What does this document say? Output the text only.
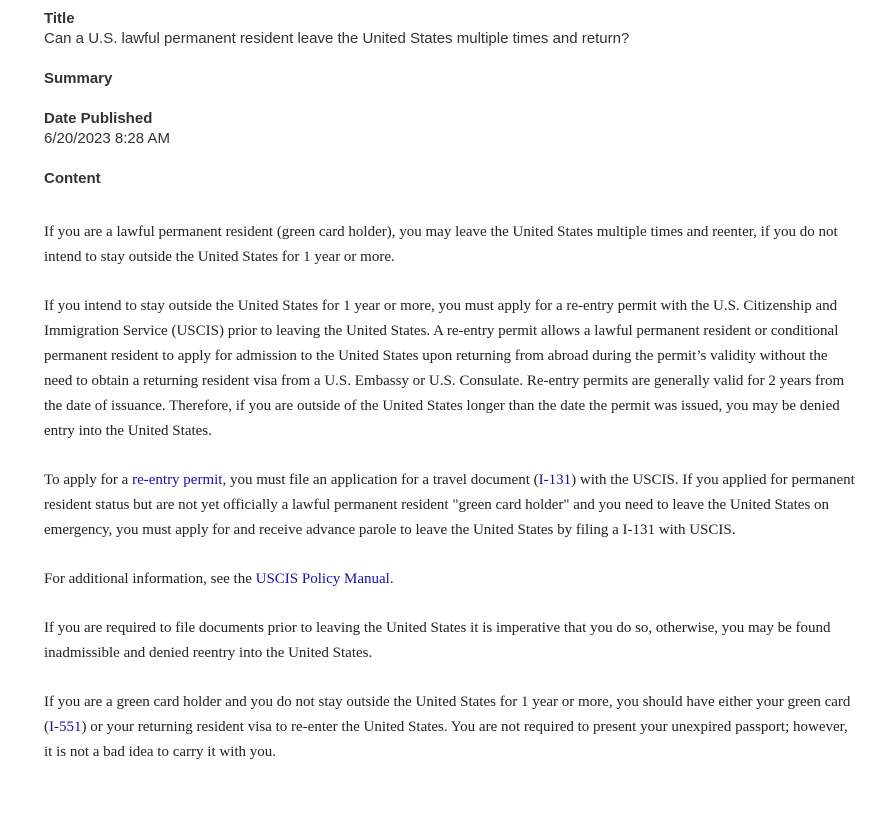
Title
Can a U.S. lawful permanent resident leave the United States multiple times and return?
Summary
Date Published
6/20/2023 8:28 AM
Content

If you are a lawful permanent resident (green card holder), you may leave the United States multiple times and reenter, if you do not intend to stay outside the United States for 1 year or more.

If you intend to stay outside the United States for 1 year or more, you must apply for a re-entry permit with the U.S. Citizenship and Immigration Service (USCIS) prior to leaving the United States. A re-entry permit allows a lawful permanent resident or conditional permanent resident to apply for admission to the United States upon returning from abroad during the permit’s validity without the need to obtain a returning resident visa from a U.S. Embassy or U.S. Consulate. Re-entry permits are generally valid for 2 years from the date of issuance. Therefore, if you are outside of the United States longer than the date the permit was issued, you may be denied entry into the United States.

To apply for a re-entry permit, you must file an application for a travel document (I-131) with the USCIS. If you applied for permanent resident status but are not yet officially a lawful permanent resident "green card holder" and you need to leave the United States on emergency, you must apply for and receive advance parole to leave the United States by filing a I-131 with USCIS.

For additional information, see the USCIS Policy Manual.

If you are required to file documents prior to leaving the United States it is imperative that you do so, otherwise, you may be found inadmissible and denied reentry into the United States.

If you are a green card holder and you do not stay outside the United States for 1 year or more, you should have either your green card (I-551) or your returning resident visa to re-enter the United States. You are not required to present your unexpired passport; however, it is not a bad idea to carry it with you.
